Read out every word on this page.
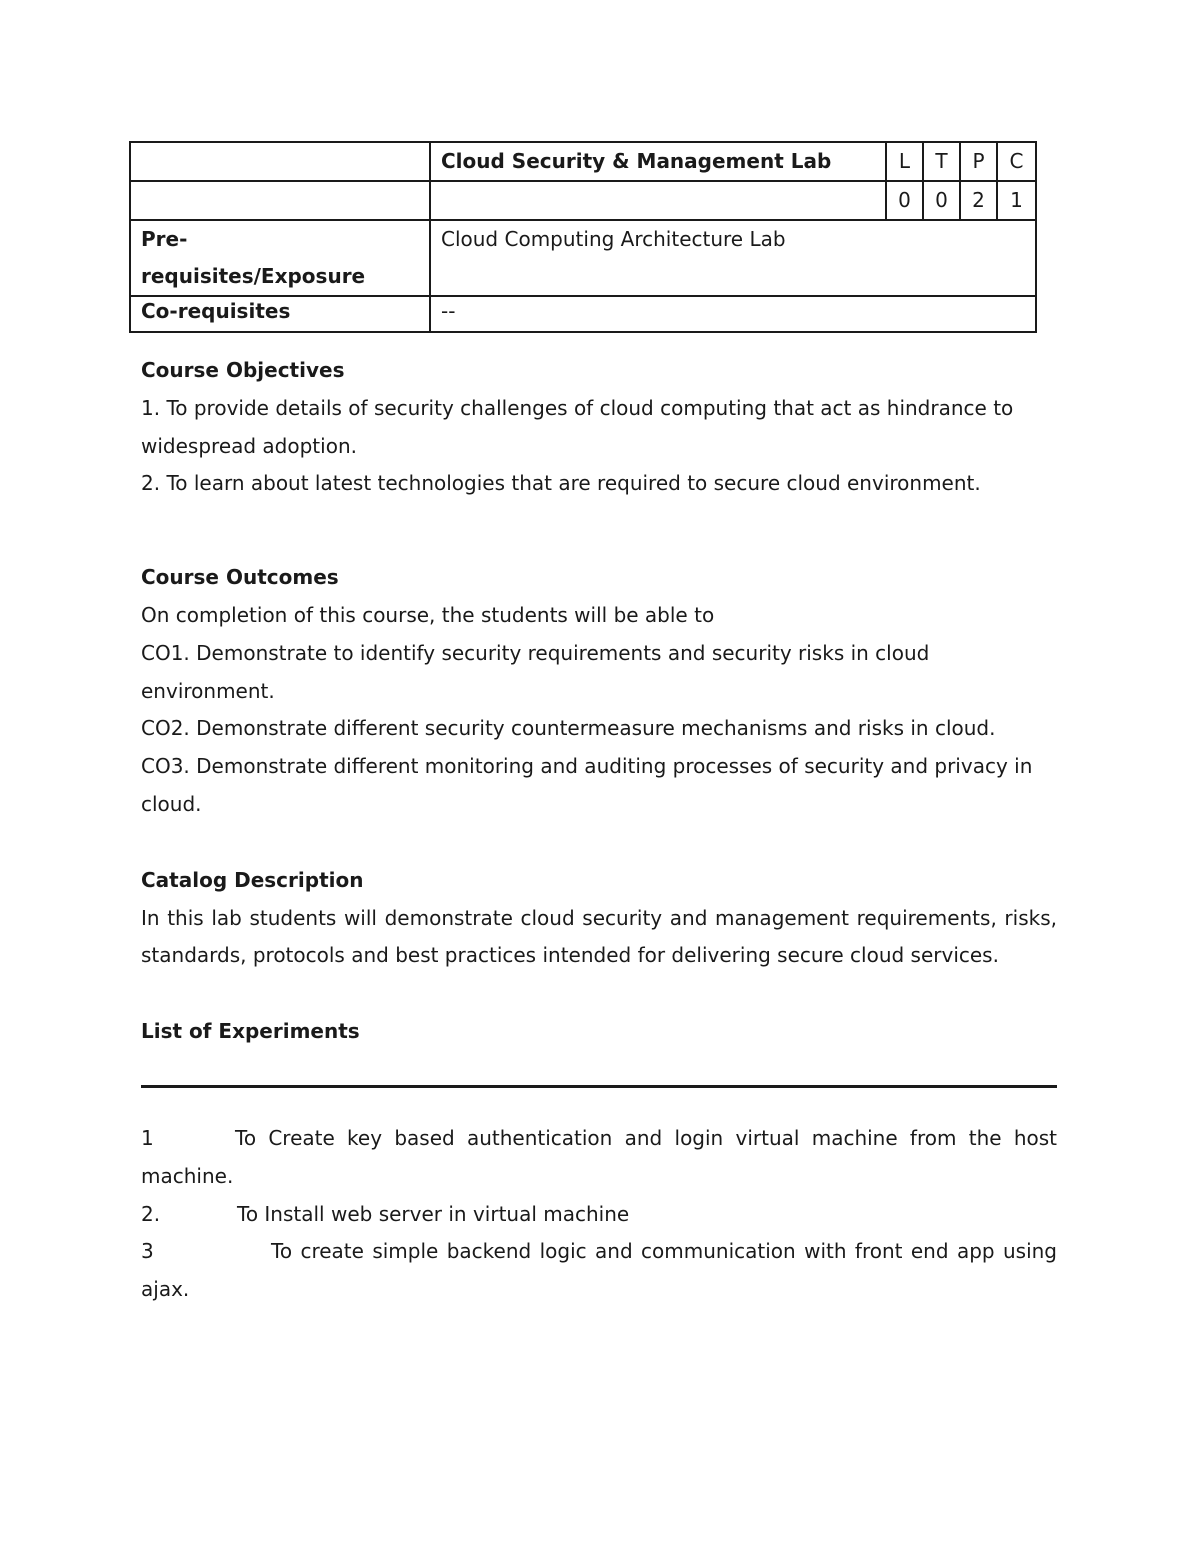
	Cloud Security & Management Lab	L	T	P	C
		0	0	2	1

Pre-
requisites/Exposure	Cloud Computing Architecture Lab				
Co-requisites	--				

Course Objectives

1. To provide details of security challenges of cloud computing that act as hindrance to widespread adoption.

2. To learn about latest technologies that are required to secure cloud environment.

Course Outcomes

On completion of this course, the students will be able to

CO1. Demonstrate to identify security requirements and security risks in cloud environment.

CO2. Demonstrate different security countermeasure mechanisms and risks in cloud.

CO3. Demonstrate different monitoring and auditing processes of security and privacy in cloud.

Catalog Description

In this lab students will demonstrate cloud security and management requirements, risks, standards, protocols and best practices intended for delivering secure cloud services.

List of Experiments

1	To Create key based authentication and login virtual machine from the host machine.

2.	To Install web server in virtual machine

3	To create simple backend logic and communication with front end app using ajax.
